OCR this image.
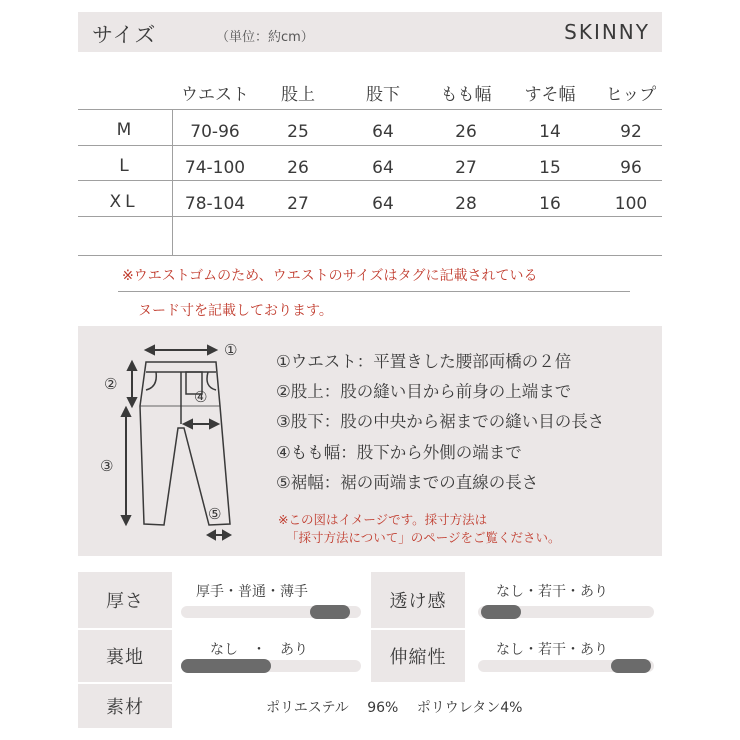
サイズ	（単位：約cm）	SKINNY
ウエスト	股上	股下	もも幅	すそ幅	ヒップ
M	70-96	25	64	26	14	92
L	74-100	26	64	27	15	96
XL	78-104	27	64	28	16	100
※ウエストゴムのため、ウエストのサイズはタグに記載されている
ヌード寸を記載しております。
①
②
③
④
⑤
①ウエスト：平置きした腰部両橋の２倍
②股上：股の縫い目から前身の上端まで
③股下：股の中央から裾までの縫い目の長さ
④もも幅：股下から外側の端まで
⑤裾幅：裾の両端までの直線の長さ
※この図はイメージです。採寸方法は
「採寸方法について」のページをご覧ください。
厚さ	厚手・普通・薄手	透け感	なし・若干・あり
裏地	なし　・　あり	伸縮性	なし・若干・あり
素材	ポリエステル　 96%　 ポリウレタン4%
